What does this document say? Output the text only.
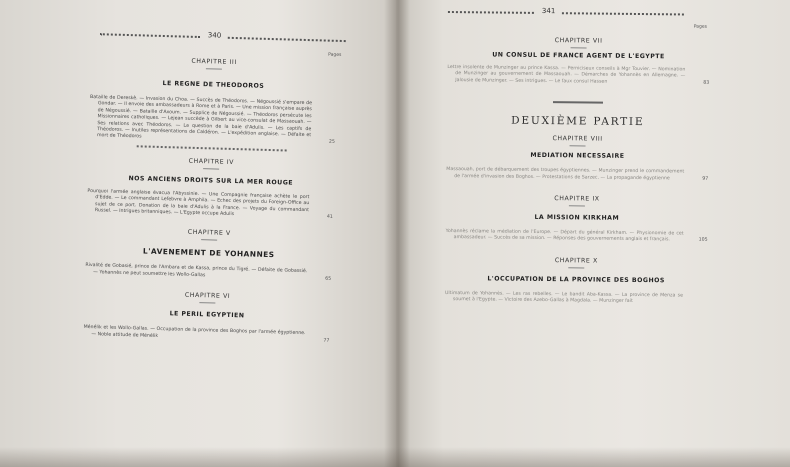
340
Pages

CHAPITRE III

LE REGNE DE THEODOROS

Bataille de Dereskè. — Invasion du Choa. — Succès de Théodoros. — Négoussié s'empare de Gondar. — Il envoie des ambassadeurs à Rome et à Paris. — Une mission française auprès de Négoussié. — Bataille d'Axoum. — Supplice de Négoussié. — Théodoros persécute les Missionnaires catholiques. — Lejean succède à Gilbert au vice-consulat de Massaouah. — Ses relations avec Théodoros. — La question de la baie d'Adulis. — Les captifs de Théodoros. — Inutiles représentations de Caldéron. — L'expédition anglaise. — Défaite et mort de Théodoros
25

CHAPITRE IV

NOS ANCIENS DROITS SUR LA MER ROUGE

Pourquoi l'armée anglaise évacua l'Abyssinie. — Une Compagnie française achète le port d'Edde. — Le commandant Lefebvre à Amphila. — Echec des projets du Foreign-Office au sujet de ce port. Donation de la baie d'Adulis à la France. — Voyage du commandant Russel. — Intrigues britanniques. — L'Egypte occupe Adulis
41

CHAPITRE V

L'AVENEMENT DE YOHANNES

Rivalité de Gobasié, prince de l'Ambara et de Kassa, prince du Tigré. — Défaite de Gobassié. — Yohannès ne peut soumettre les Wollo-Gallas
65

CHAPITRE VI

LE PERIL EGYPTIEN

Ménélik et les Wollo-Gallas. — Occupation de la province des Boghos par l'armée égyptienne. — Noble attitude de Ménélik
77
341
Pages

CHAPITRE VII

UN CONSUL DE FRANCE AGENT DE L'EGYPTE

Lettre insolente de Munzinger au prince Kassa. — Perniciseux conseils à Mgr Touvier. — Nomination de Munzinger au gouvernement de Massaouah. — Démarches de Yohannès en Allemagne. — Jalousie de Munzinger. — Ses intrigues. — Le faux consul Hassen	83

DEUXIÈME PARTIE

CHAPITRE VIII

MEDIATION NECESSAIRE

Massaouah, port de débarquement des troupes égyptiennes. — Munzinger prend le commandement de l'armée d'invasion des Boghos. — Protestations de Sarzec. — La propagande égyptienne	97

CHAPITRE IX

LA MISSION KIRKHAM

Yohannès réclame la médiation de l'Europe. — Départ du général Kirkham. — Physionomie de cet ambassadeur. — Succès de sa mission. — Réponses des gouvernements anglais et français.	105

CHAPITRE X

L'OCCUPATION DE LA PROVINCE DES BOGHOS

Ultimatum de Yohannès. — Les ras rebelles. — Le bandit Aba-Kassa. — La province de Menza se soumet à l'Egypte. — Victoire des Azebo-Gallas à Magdala. — Munzinger fait
